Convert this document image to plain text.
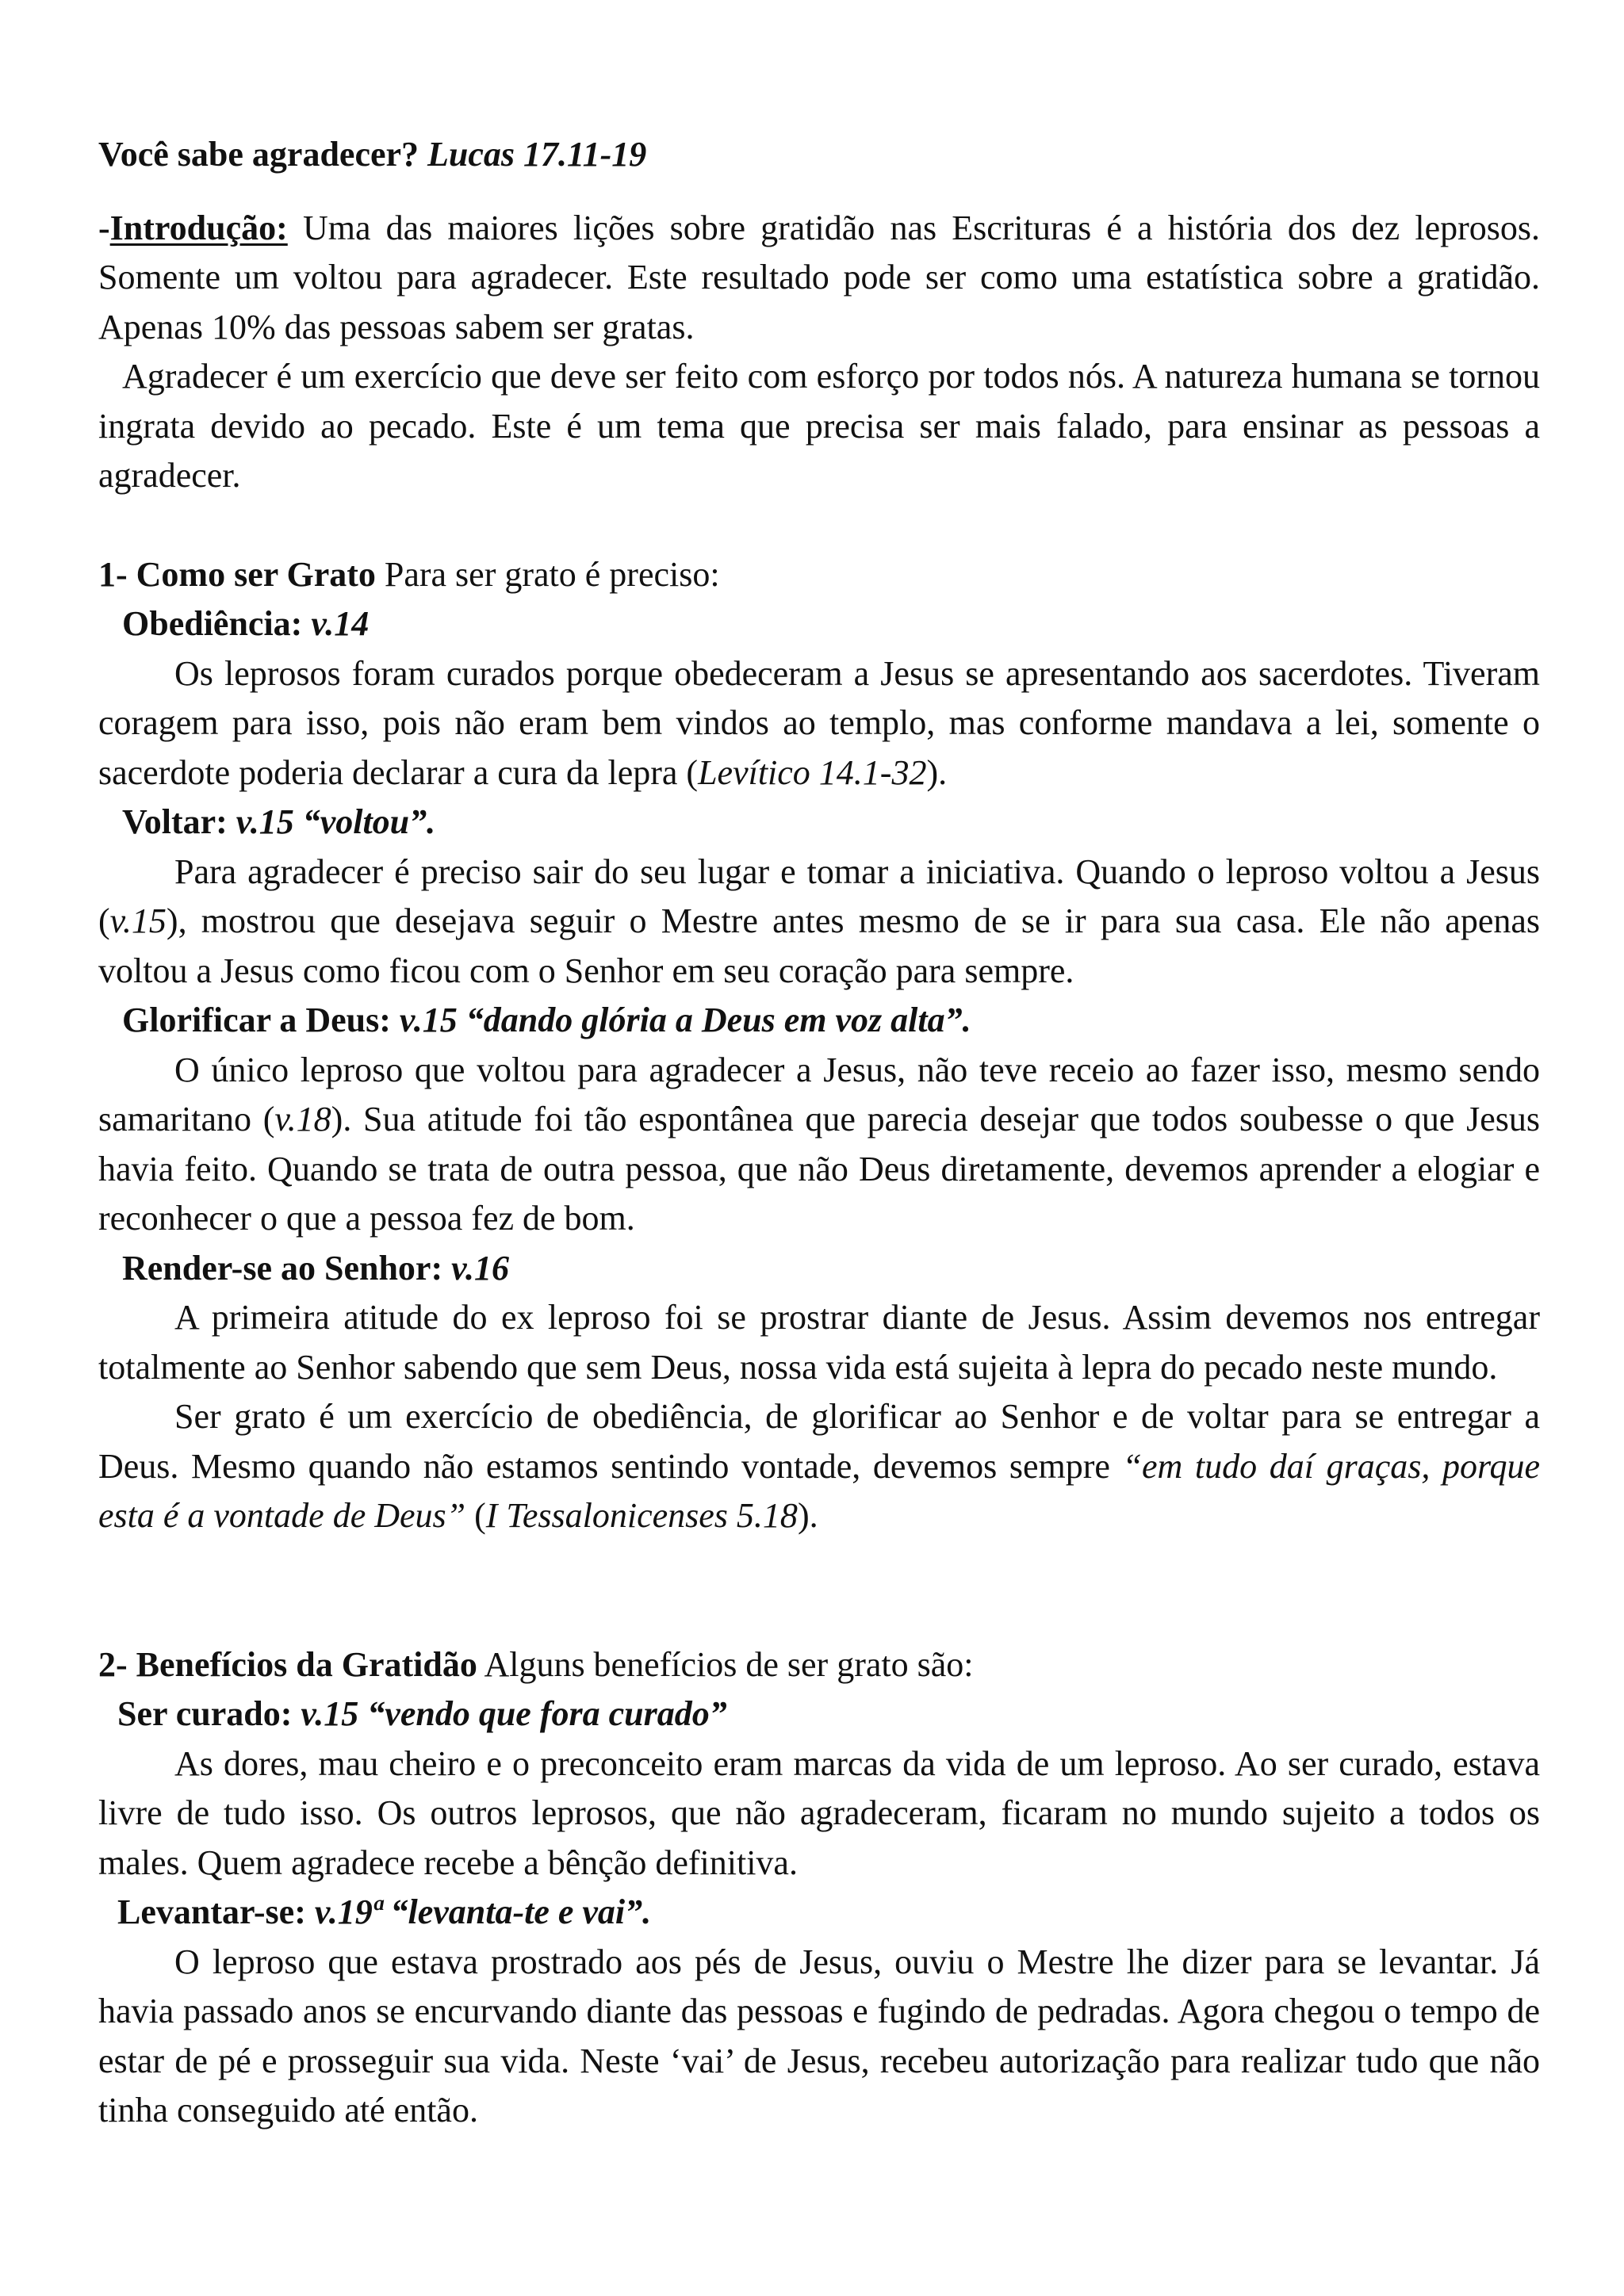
Você sabe agradecer? Lucas 17.11-19

-Introdução: Uma das maiores lições sobre gratidão nas Escrituras é a história dos dez leprosos. Somente um voltou para agradecer. Este resultado pode ser como uma estatística sobre a gratidão. Apenas 10% das pessoas sabem ser gratas.

Agradecer é um exercício que deve ser feito com esforço por todos nós. A natureza humana se tornou ingrata devido ao pecado. Este é um tema que precisa ser mais falado, para ensinar as pessoas a agradecer.

1- Como ser Grato Para ser grato é preciso:

Obediência: v.14

Os leprosos foram curados porque obedeceram a Jesus se apresentando aos sacerdotes. Tiveram coragem para isso, pois não eram bem vindos ao templo, mas conforme mandava a lei, somente o sacerdote poderia declarar a cura da lepra (Levítico 14.1-32).

Voltar: v.15 “voltou”.

Para agradecer é preciso sair do seu lugar e tomar a iniciativa. Quando o leproso voltou a Jesus (v.15), mostrou que desejava seguir o Mestre antes mesmo de se ir para sua casa. Ele não apenas voltou a Jesus como ficou com o Senhor em seu coração para sempre.

Glorificar a Deus: v.15 “dando glória a Deus em voz alta”.

O único leproso que voltou para agradecer a Jesus, não teve receio ao fazer isso, mesmo sendo samaritano (v.18). Sua atitude foi tão espontânea que parecia desejar que todos soubesse o que Jesus havia feito. Quando se trata de outra pessoa, que não Deus diretamente, devemos aprender a elogiar e reconhecer o que a pessoa fez de bom.

Render-se ao Senhor: v.16

A primeira atitude do ex leproso foi se prostrar diante de Jesus. Assim devemos nos entregar totalmente ao Senhor sabendo que sem Deus, nossa vida está sujeita à lepra do pecado neste mundo.

Ser grato é um exercício de obediência, de glorificar ao Senhor e de voltar para se entregar a Deus. Mesmo quando não estamos sentindo vontade, devemos sempre “em tudo daí graças, porque esta é a vontade de Deus” (I Tessalonicenses 5.18).

2- Benefícios da Gratidão Alguns benefícios de ser grato são:

Ser curado: v.15 “vendo que fora curado”

As dores, mau cheiro e o preconceito eram marcas da vida de um leproso. Ao ser curado, estava livre de tudo isso. Os outros leprosos, que não agradeceram, ficaram no mundo sujeito a todos os males. Quem agradece recebe a bênção definitiva.

Levantar-se: v.19ª “levanta-te e vai”.

O leproso que estava prostrado aos pés de Jesus, ouviu o Mestre lhe dizer para se levantar. Já havia passado anos se encurvando diante das pessoas e fugindo de pedradas. Agora chegou o tempo de estar de pé e prosseguir sua vida. Neste ‘vai’ de Jesus, recebeu autorização para realizar tudo que não tinha conseguido até então.
